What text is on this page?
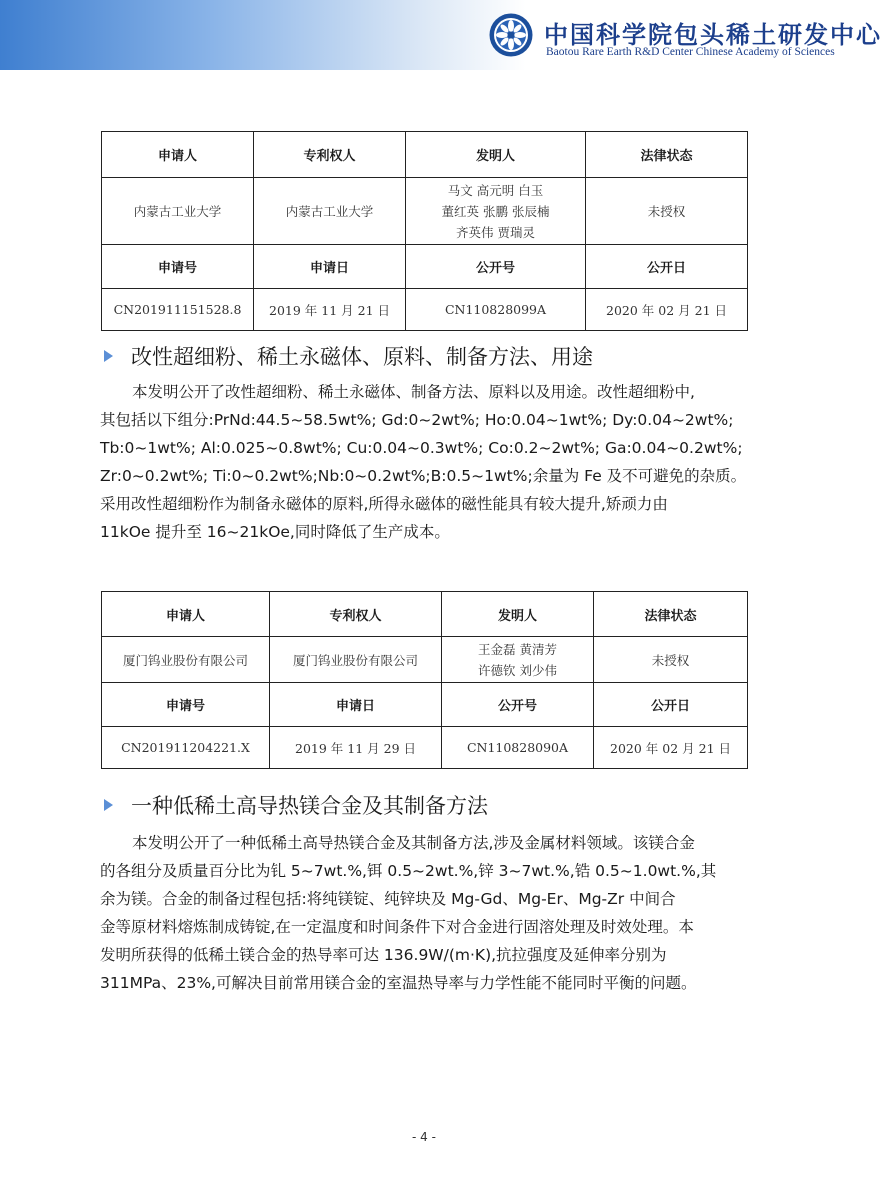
中国科学院包头稀土研发中心
Baotou Rare Earth R&D Center Chinese Academy of Sciences
申请人	专利权人	发明人	法律状态
内蒙古工业大学	内蒙古工业大学	马文 高元明 白玉
董红英 张鹏 张辰楠
齐英伟 贾瑞灵	未授权
申请号	申请日	公开号	公开日
CN201911151528.8	2019 年 11 月 21 日	CN110828099A	2020 年 02 月 21 日
改性超细粉、稀土永磁体、原料、制备方法、用途
本发明公开了改性超细粉、稀土永磁体、制备方法、原料以及用途。改性超细粉中,
其包括以下组分:PrNd:44.5~58.5wt%; Gd:0~2wt%; Ho:0.04~1wt%; Dy:0.04~2wt%;
Tb:0~1wt%; Al:0.025~0.8wt%; Cu:0.04~0.3wt%; Co:0.2~2wt%; Ga:0.04~0.2wt%;
Zr:0~0.2wt%; Ti:0~0.2wt%;Nb:0~0.2wt%;B:0.5~1wt%;余量为 Fe 及不可避免的杂质。
采用改性超细粉作为制备永磁体的原料,所得永磁体的磁性能具有较大提升,矫顽力由
11kOe 提升至 16~21kOe,同时降低了生产成本。
申请人	专利权人	发明人	法律状态
厦门钨业股份有限公司	厦门钨业股份有限公司	王金磊 黄清芳
许德钦 刘少伟	未授权
申请号	申请日	公开号	公开日
CN201911204221.X	2019 年 11 月 29 日	CN110828090A	2020 年 02 月 21 日
一种低稀土高导热镁合金及其制备方法
本发明公开了一种低稀土高导热镁合金及其制备方法,涉及金属材料领域。该镁合金
的各组分及质量百分比为钆 5~7wt.%,铒 0.5~2wt.%,锌 3~7wt.%,锆 0.5~1.0wt.%,其
余为镁。合金的制备过程包括:将纯镁锭、纯锌块及 Mg-Gd、Mg-Er、Mg-Zr 中间合
金等原材料熔炼制成铸锭,在一定温度和时间条件下对合金进行固溶处理及时效处理。本
发明所获得的低稀土镁合金的热导率可达 136.9W/(m·K),抗拉强度及延伸率分别为
311MPa、23%,可解决目前常用镁合金的室温热导率与力学性能不能同时平衡的问题。
- 4 -
